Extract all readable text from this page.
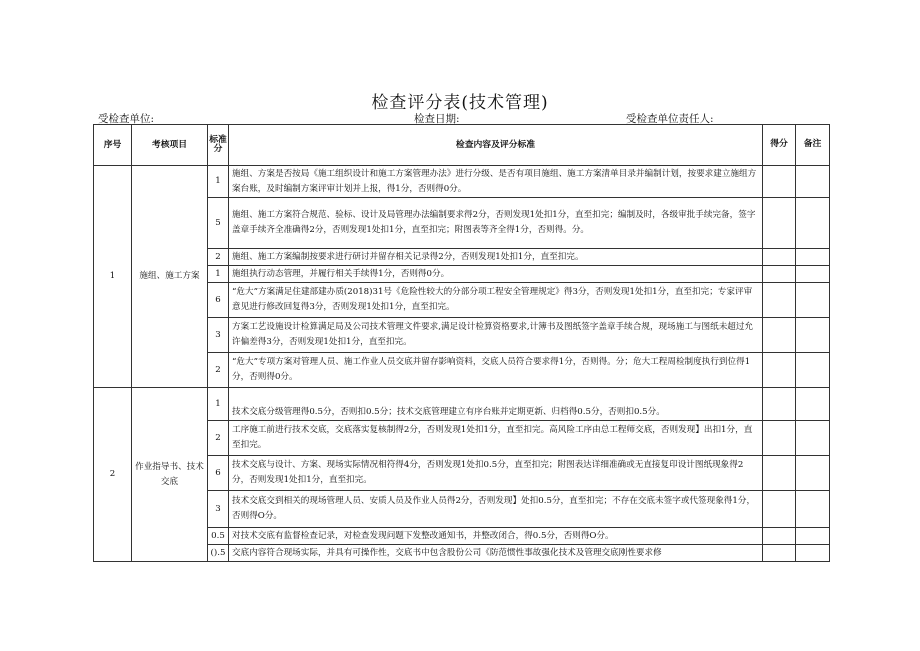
检查评分表(技术管理)
受检查单位:	检查日期:	受检查单位责任人:
序号	考核项目	标准分	检查内容及评分标准	得分	备注
1	施组、施工方案	1	施组、方案是否按局《施工组织设计和施工方案管理办法》进行分级、是否有项目施组、施工方案清单目录并编制计划，按要求建立施组方案台账，及时编制方案评审计划并上报，得1分，否则得0分。		
		5	施组、施工方案符合规范、验标、设计及局管理办法编制要求得2分，否则发现1处扣1分，直至扣完；编制及时，各级审批手续完备，签字盖章手续齐全准确得2分，否则发现1处扣1分，直至扣完；附图表等齐全得1分，否则得。分。		
		2	施组、施工方案编制按要求进行研讨并留存相关记录得2分，否则发现1处扣1分，直至扣完。		
		1	施组执行动态管理，并履行相关手续得1分，否则得0分。		
		6	“危大”方案满足住建部建办质(2018)31号《危险性较大的分部分项工程安全管理规定》得3分，否则发现1处扣1分，直至扣完；专家评审意见进行修改回复得3分，否则发现1处扣1分，直至扣完。		
		3	方案工艺设施设计检算满足局及公司技术管理文件要求,满足设计检算资格要求,计簿书及图纸签字盖章手续合规，现场施工与图纸未超过允许偏差得3分，否则发现1处扣1分，直至扣完。		
		2	“危大”专项方案对管理人员、施工作业人员交底并留存影响资料，交底人员符合要求得1分，否则得。分；危大工程周检制度执行到位得1分，否则得0分。		
2	作业指导书、技术交底	1	技术交底分级管理得0.5分，否则扣0.5分；技术交底管理建立有序台账并定期更新、归档得0.5分，否则扣0.5分。		
		2	工序施工前进行技术交底，交底落实复核制得2分，否则发现1处扣1分，直至扣完。高风险工序由总工程师交底，否则发现】出扣1分，直至扣完。		
		6	技术交底与设计、方案、现场实际情况相符得4分，否则发现1处扣0.5分，直至扣完；附图表达详细准确或无直接复印设计图纸现象得2分，否则发现1处扣1分，直至扣完。		
		3	技术交底交到相关的现场管理人员、安质人员及作业人员得2分，否则发现】处扣0.5分，直至扣完；不存在交底未签字或代签现象得1分，否则得O分。		
		0.5	对技术交底有监督检查记录，对检查发现问题下发整改通知书，并整改闭合，得0.5分，否则得O分。		
		().5	交底内容符合现场实际，并具有可操作性，交底书中包含股份公司《防范惯性事故强化技术及管理交底刚性要求修		
